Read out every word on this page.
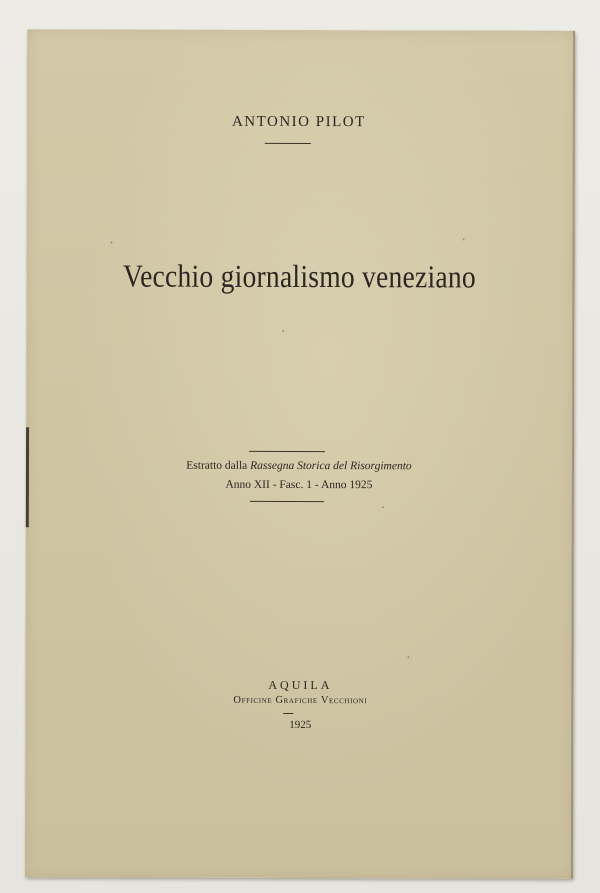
ANTONIO PILOT
Vecchio giornalismo veneziano
Estratto dalla Rassegna Storica del Risorgimento
Anno XII - Fasc. 1 - Anno 1925
AQUILA
Officine Grafiche Vecchioni
1925
